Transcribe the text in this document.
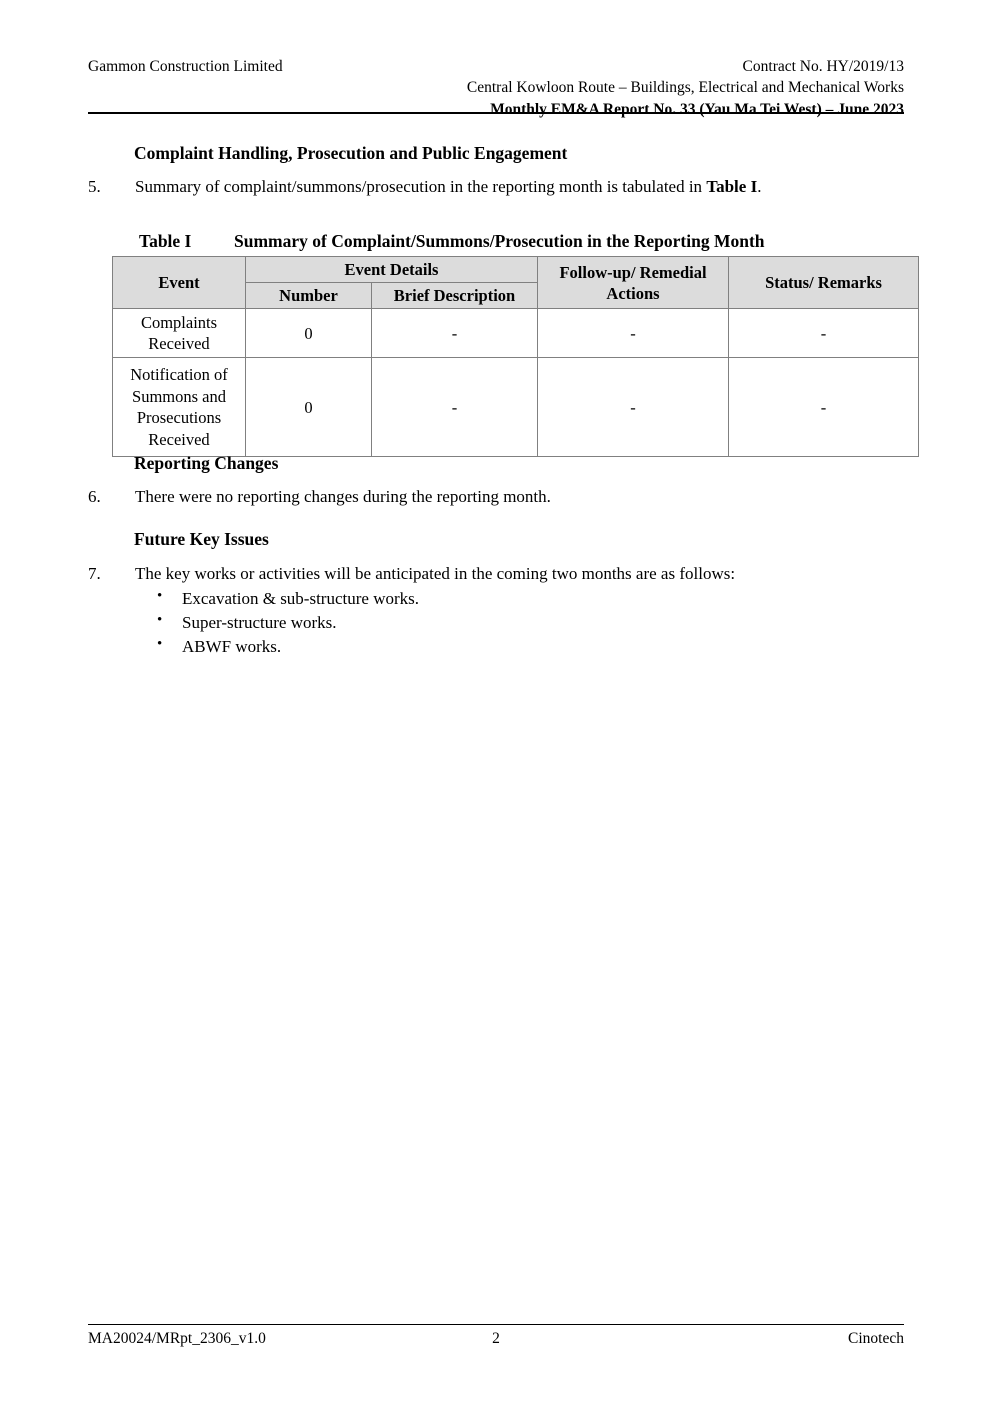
Gammon Construction Limited	Contract No. HY/2019/13
Central Kowloon Route – Buildings, Electrical and Mechanical Works
Monthly EM&A Report No. 33 (Yau Ma Tei West) – June 2023
Complaint Handling, Prosecution and Public Engagement
5.	Summary of complaint/summons/prosecution in the reporting month is tabulated in Table I.
Table I Summary of Complaint/Summons/Prosecution in the Reporting Month
Event	Event Details		Follow-up/ Remedial Actions	Status/ Remarks
	Number	Brief Description		
Complaints Received	0	-	-	-
Notification of Summons and Prosecutions Received	0	-	-	-
Reporting Changes
6.	There were no reporting changes during the reporting month.
Future Key Issues
7.	The key works or activities will be anticipated in the coming two months are as follows:
• Excavation & sub-structure works.
• Super-structure works.
• ABWF works.
MA20024/MRpt_2306_v1.0	2	Cinotech
